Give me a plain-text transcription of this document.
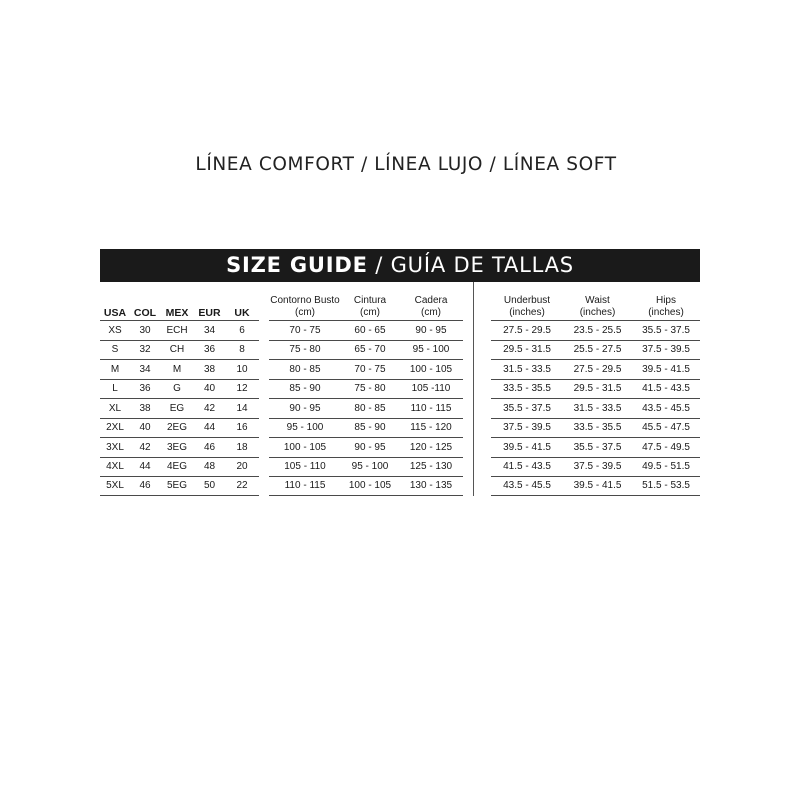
LÍNEA COMFORT / LÍNEA LUJO / LÍNEA SOFT
SIZE GUIDE / GUÍA DE TALLAS
USA COL MEX EUR	UK
XS	30	ECH	34	6
S	32	CH	36	8
M	34	M	38	10
L	36	G	40	12
XL	38	EG	42	14
2XL	40	2EG	44	16
3XL	42	3EG	46	18
4XL	44	4EG	48	20
5XL	46	5EG	50	22
Contorno Busto
(cm)
Cintura
(cm)
Cadera
(cm)
70 - 75	60 - 65	90 - 95
75 - 80	65 - 70	95 - 100
80 - 85	70 - 75	100 - 105
85 - 90	75 - 80	105 -110
90 - 95	80 - 85	110 - 115
95 - 100	85 - 90	115 - 120
100 - 105	90 - 95	120 - 125
105 - 110	95 - 100	125 - 130
110 - 115	100 - 105	130 - 135
Underbust
(inches)
Waist
(inches)
Hips
(inches)
27.5 - 29.5	23.5 - 25.5	35.5 - 37.5
29.5 - 31.5	25.5 - 27.5	37.5 - 39.5
31.5 - 33.5	27.5 - 29.5	39.5 - 41.5
33.5 - 35.5	29.5 - 31.5	41.5 - 43.5
35.5 - 37.5	31.5 - 33.5	43.5 - 45.5
37.5 - 39.5	33.5 - 35.5	45.5 - 47.5
39.5 - 41.5	35.5 - 37.5	47.5 - 49.5
41.5 - 43.5	37.5 - 39.5	49.5 - 51.5
43.5 - 45.5	39.5 - 41.5	51.5 - 53.5
